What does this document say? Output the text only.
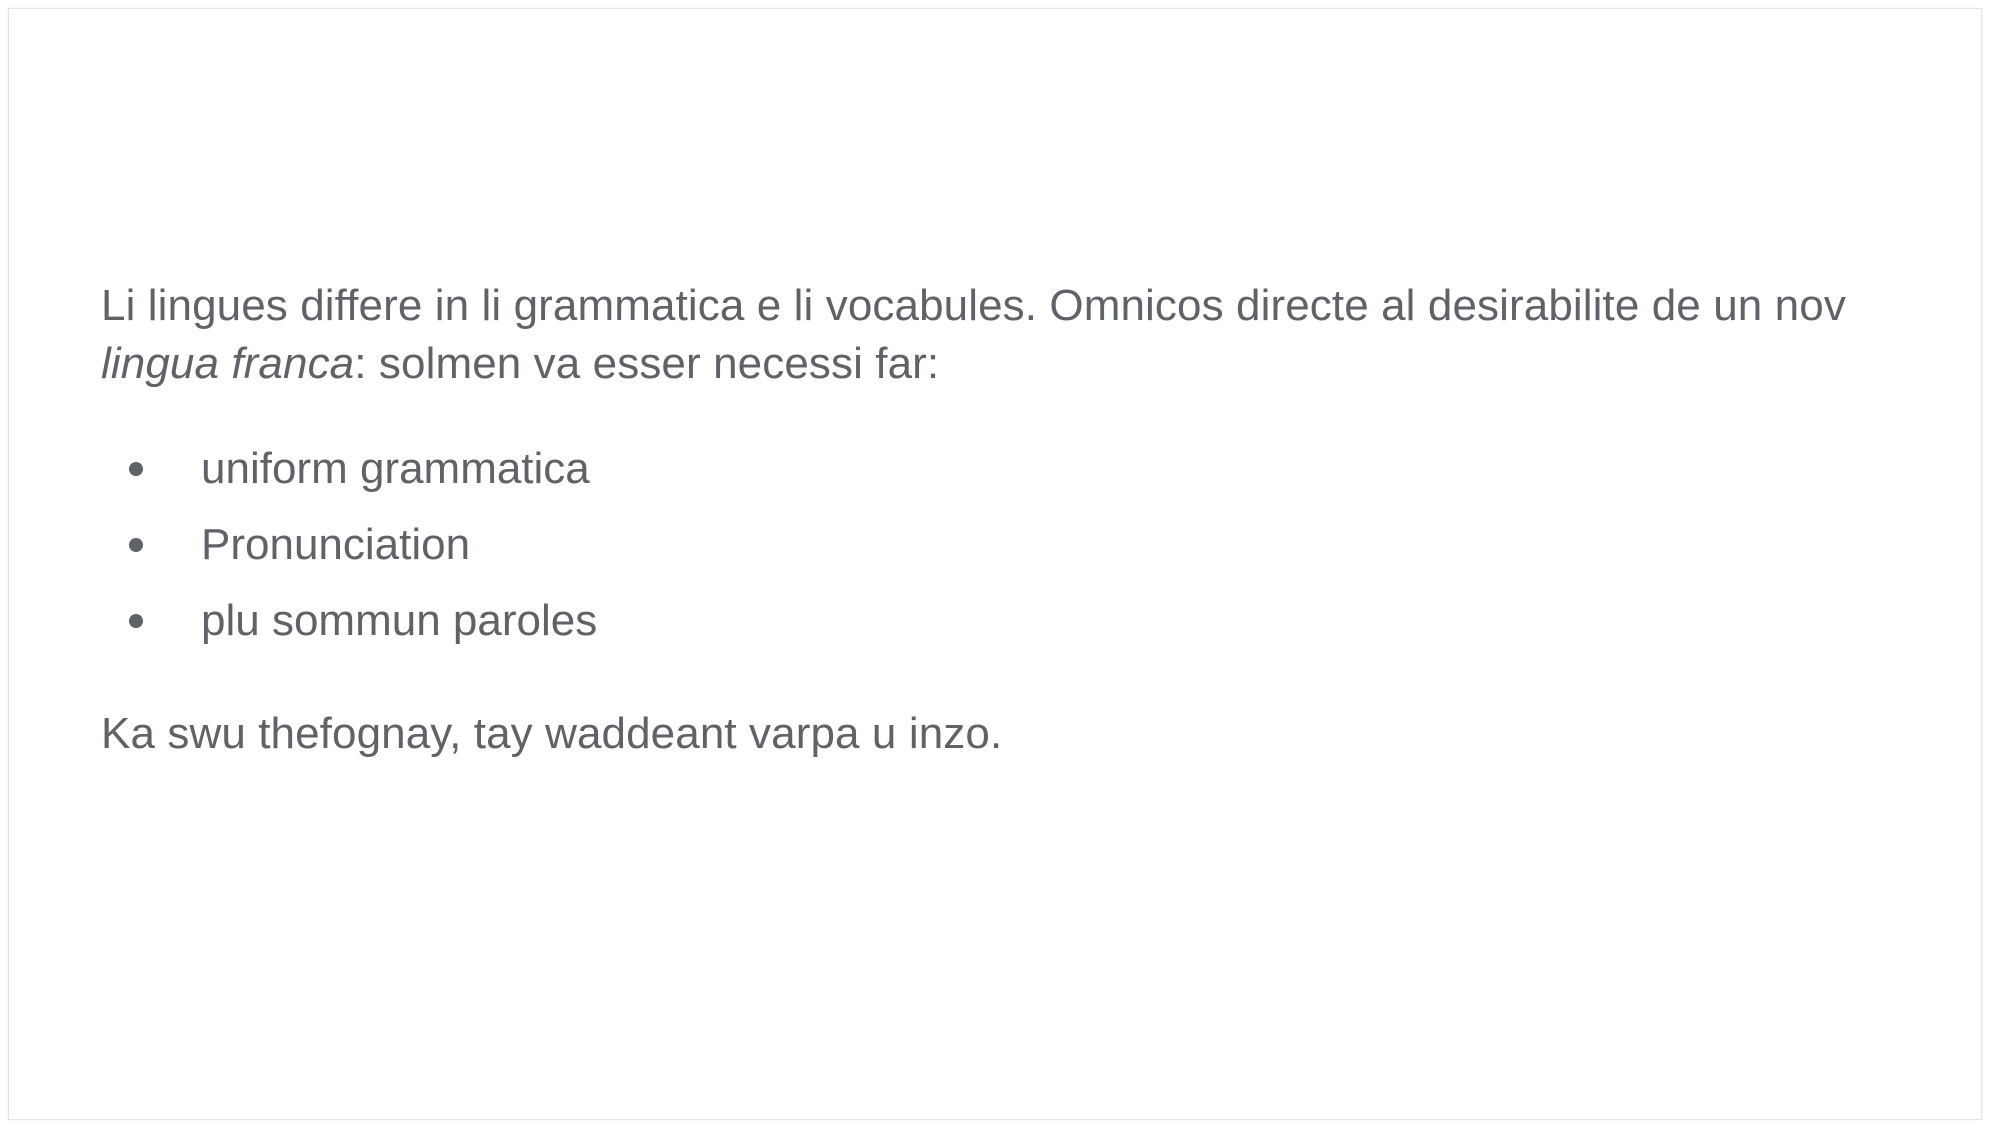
Li lingues differe in li grammatica e li vocabules. Omnicos directe al desirabilite de un nov lingua franca: solmen va esser necessi far:

uniform grammatica
Pronunciation
plu sommun paroles

Ka swu thefognay, tay waddeant varpa u inzo.
